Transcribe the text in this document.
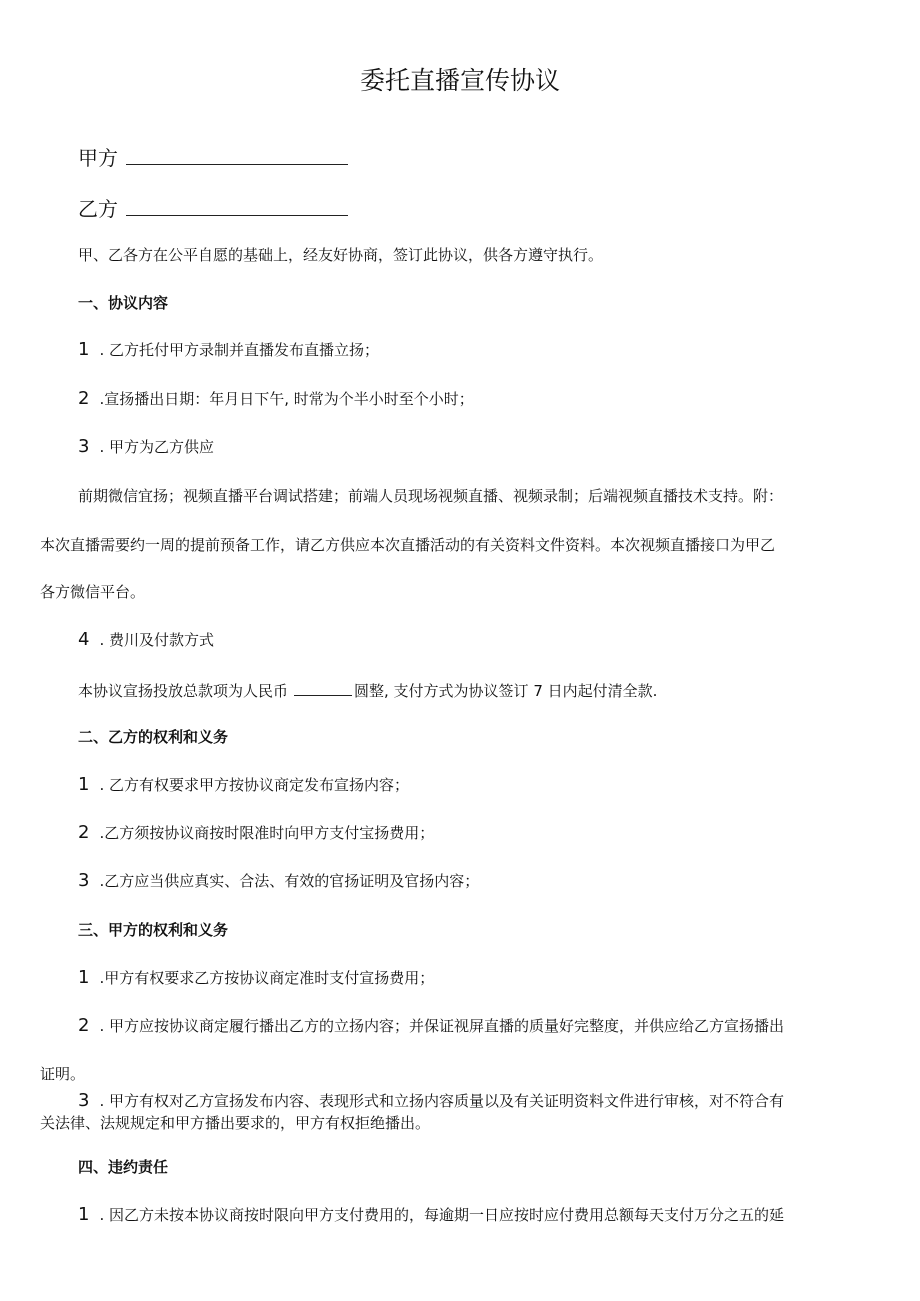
委托直播宣传协议
甲方
乙方
甲、乙各方在公平自愿的基础上，经友好协商，签订此协议，供各方遵守执行。
一、协议内容
1 . 乙方托付甲方录制并直播发布直播立扬；
2 .宣扬播出日期：年月日下午, 时常为个半小时至个小时；
3 . 甲方为乙方供应
前期微信宜扬；视频直播平台调试搭建；前端人员现场视频直播、视频录制；后端视频直播技术支持。附：
本次直播需要约一周的提前预备工作，请乙方供应本次直播活动的有关资料文件资料。本次视频直播接口为甲乙
各方微信平台。
4 . 费川及付款方式
本协议宣扬投放总款项为人民币	圆整, 支付方式为协议签订 7 日内起付清全款.
二、乙方的权利和义务
1 . 乙方有权要求甲方按协议商定发布宣扬内容；
2 .乙方须按协议商按时限准时向甲方支付宝扬费用；
3 .乙方应当供应真实、合法、有效的官扬证明及官扬内容；
三、甲方的权利和义务
1 .甲方有权要求乙方按协议商定准时支付宣扬费用；
2 . 甲方应按协议商定履行播出乙方的立扬内容；并保证视屏直播的质量好完整度，并供应给乙方宣扬播出
证明。
3 . 甲方有权对乙方宣扬发布内容、表现形式和立扬内容质量以及有关证明资料文件进行审核，对不符合有
关法律、法规规定和甲方播出要求的，甲方有权拒绝播出。
四、违约责任
1 . 因乙方未按本协议商按时限向甲方支付费用的，每逾期一日应按时应付费用总额每天支付万分之五的延
